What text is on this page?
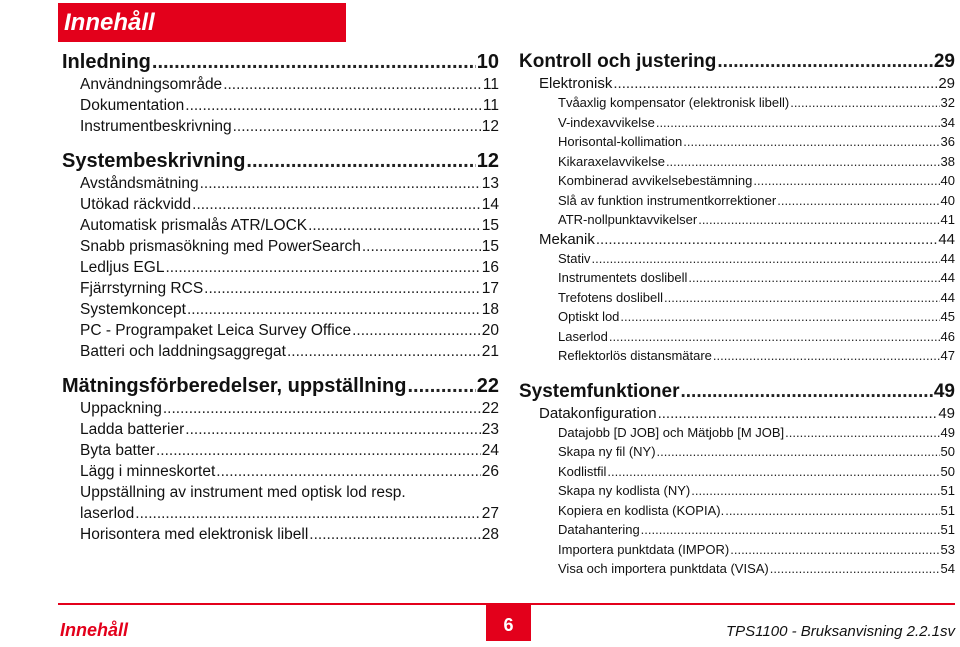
Innehåll
Inledning .....	10
Användningsområde .....	11
Dokumentation .....	11
Instrumentbeskrivning .....	12
Systembeskrivning .....	12
Avståndsmätning .....	13
Utökad räckvidd .....	14
Automatisk prismalås ATR/LOCK .....	15
Snabb prismasökning med PowerSearch .....	15
Ledljus EGL .....	16
Fjärrstyrning RCS .....	17
Systemkoncept .....	18
PC - Programpaket Leica Survey Office .....	20
Batteri och laddningsaggregat .....	21
Mätningsförberedelser, uppställning .....	22
Uppackning .....	22
Ladda batterier .....	23
Byta batter .....	24
Lägg i minneskortet .....	26
Uppställning av instrument med optisk lod resp.
laserlod .....	27
Horisontera med elektronisk libell .....	28
Kontroll och justering .....	29
Elektronisk .....	29
Tvåaxlig kompensator (elektronisk libell) .....	32
V-indexavvikelse .....	34
Horisontal-kollimation .....	36
Kikaraxelavvikelse .....	38
Kombinerad avvikelsebestämning .....	40
Slå av funktion instrumentkorrektioner .....	40
ATR-nollpunktavvikelser .....	41
Mekanik .....	44
Stativ .....	44
Instrumentets doslibell .....	44
Trefotens doslibell .....	44
Optiskt lod .....	45
Laserlod .....	46
Reflektorlös distansmätare .....	47
Systemfunktioner .....	49
Datakonfiguration .....	49
Datajobb [D JOB] och Mätjobb [M JOB] .....	49
Skapa ny fil (NY) .....	50
Kodlistfil .....	50
Skapa ny kodlista (NY) .....	51
Kopiera en kodlista (KOPIA). .....	51
Datahantering .....	51
Importera punktdata (IMPOR) .....	53
Visa och importera punktdata (VISA) .....	54
Innehåll	6	TPS1100 - Bruksanvisning 2.2.1sv
